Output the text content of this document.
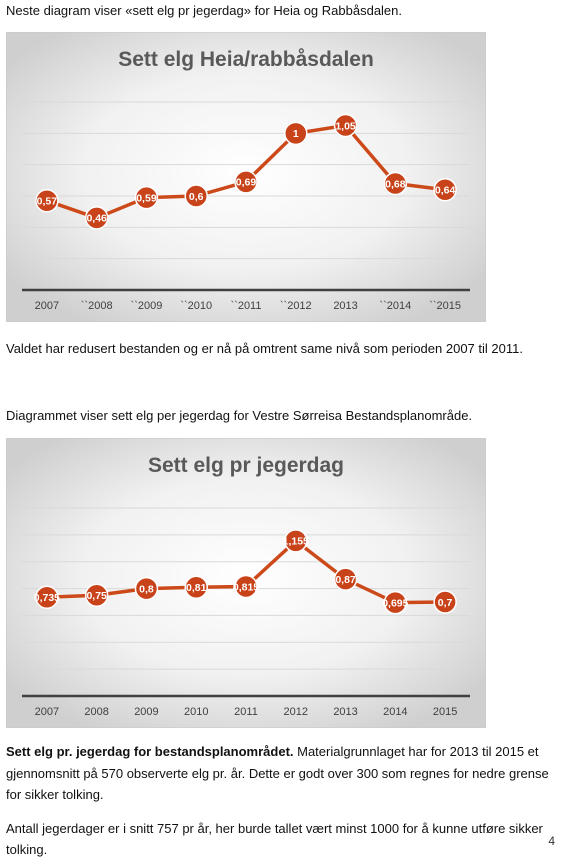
Neste diagram viser «sett elg pr jegerdag» for Heia og Rabbåsdalen.
Sett elg Heia/rabbåsdalen
2007 ``2008 ``2009 ``2010 ``2011 ``2012 2013 ``2014 ``2015
0,57
0,46
0,59	0,6
0,69
1
1,05
0,68
0,64
Valdet har redusert bestanden og er nå på omtrent same nivå som perioden 2007 til 2011.
Diagrammet viser sett elg per jegerdag for Vestre Sørreisa Bestandsplanområde.
Sett elg pr jegerdag
2007 2008 2009 2010 2011 2012 2013 2014 2015
0,735	0,75
0,8	0,81	0,815
1,155
0,87
0,695	0,7
Sett elg pr. jegerdag for bestandsplanområdet. Materialgrunnlaget har for 2013 til 2015 et
gjennomsnitt på 570 observerte elg pr. år. Dette er godt over 300 som regnes for nedre grense
for sikker tolking.
Antall jegerdager er i snitt 757 pr år, her burde tallet vært minst 1000 for å kunne utføre sikker
tolking.
4
